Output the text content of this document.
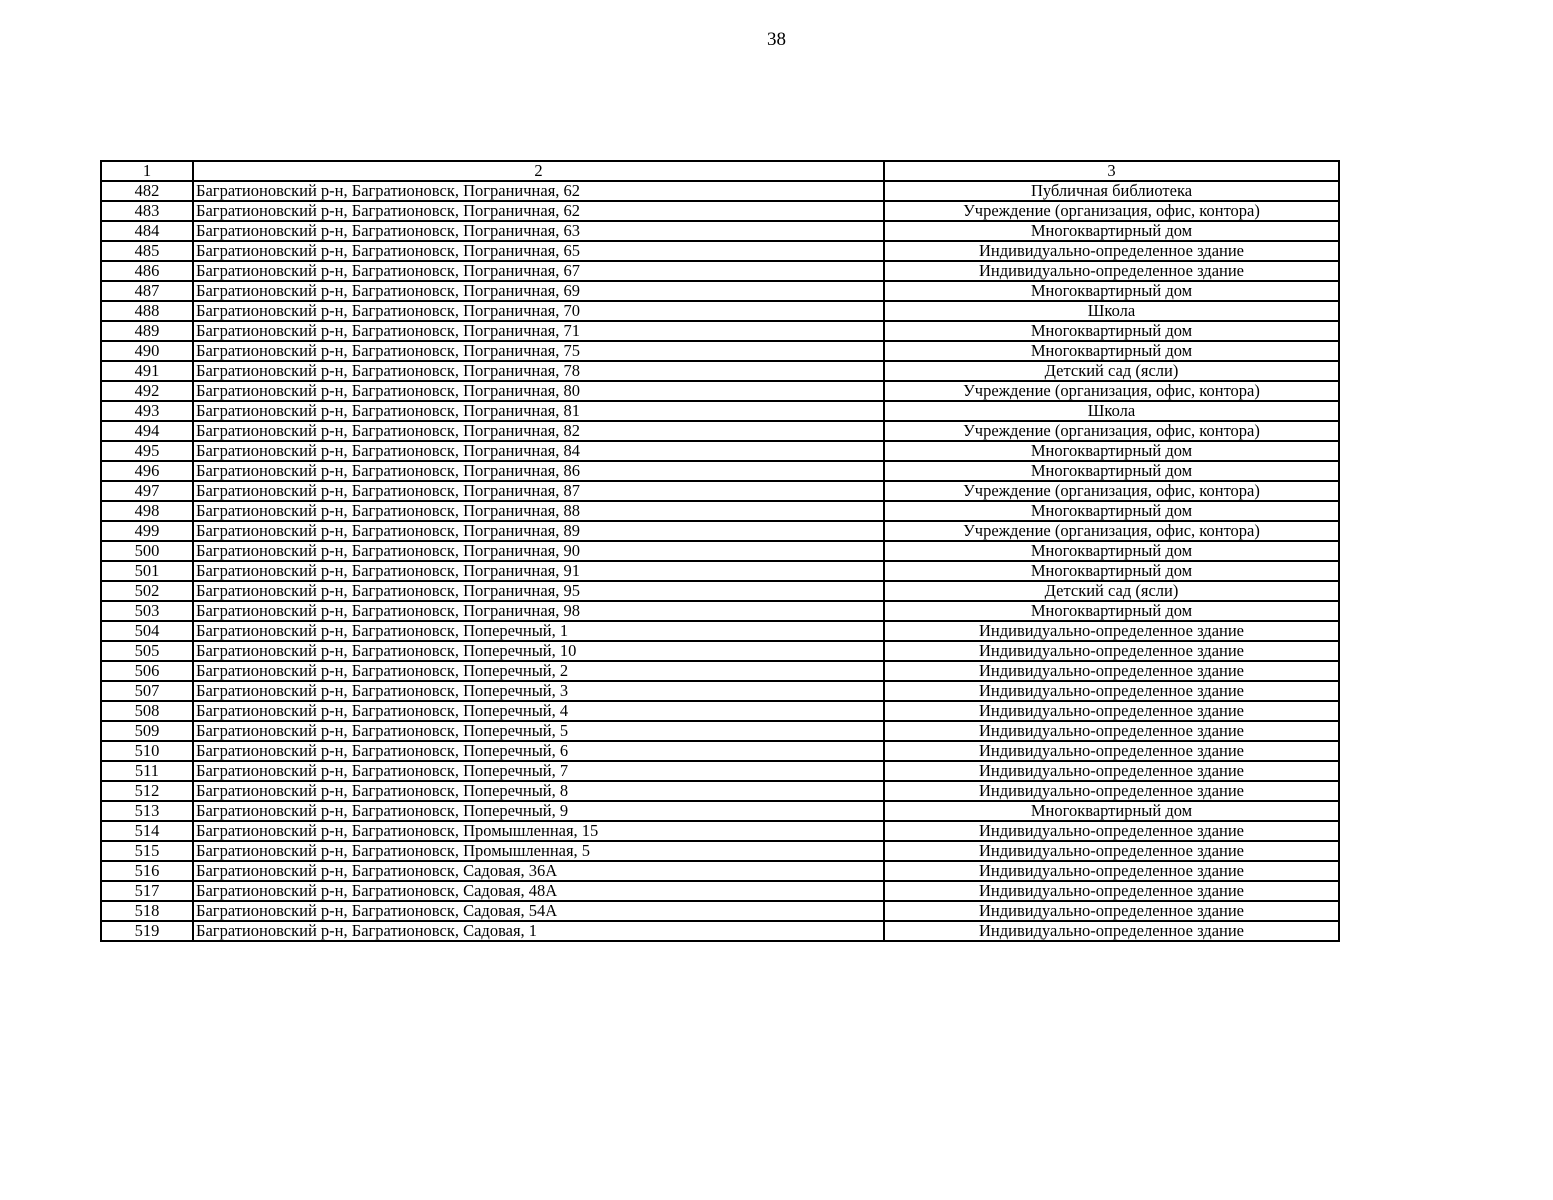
38
1	2	3
482	Багратионовский р-н, Багратионовск, Пограничная, 62	Публичная библиотека
483	Багратионовский р-н, Багратионовск, Пограничная, 62	Учреждение (организация, офис, контора)
484	Багратионовский р-н, Багратионовск, Пограничная, 63	Многоквартирный дом
485	Багратионовский р-н, Багратионовск, Пограничная, 65	Индивидуально-определенное здание
486	Багратионовский р-н, Багратионовск, Пограничная, 67	Индивидуально-определенное здание
487	Багратионовский р-н, Багратионовск, Пограничная, 69	Многоквартирный дом
488	Багратионовский р-н, Багратионовск, Пограничная, 70	Школа
489	Багратионовский р-н, Багратионовск, Пограничная, 71	Многоквартирный дом
490	Багратионовский р-н, Багратионовск, Пограничная, 75	Многоквартирный дом
491	Багратионовский р-н, Багратионовск, Пограничная, 78	Детский сад (ясли)
492	Багратионовский р-н, Багратионовск, Пограничная, 80	Учреждение (организация, офис, контора)
493	Багратионовский р-н, Багратионовск, Пограничная, 81	Школа
494	Багратионовский р-н, Багратионовск, Пограничная, 82	Учреждение (организация, офис, контора)
495	Багратионовский р-н, Багратионовск, Пограничная, 84	Многоквартирный дом
496	Багратионовский р-н, Багратионовск, Пограничная, 86	Многоквартирный дом
497	Багратионовский р-н, Багратионовск, Пограничная, 87	Учреждение (организация, офис, контора)
498	Багратионовский р-н, Багратионовск, Пограничная, 88	Многоквартирный дом
499	Багратионовский р-н, Багратионовск, Пограничная, 89	Учреждение (организация, офис, контора)
500	Багратионовский р-н, Багратионовск, Пограничная, 90	Многоквартирный дом
501	Багратионовский р-н, Багратионовск, Пограничная, 91	Многоквартирный дом
502	Багратионовский р-н, Багратионовск, Пограничная, 95	Детский сад (ясли)
503	Багратионовский р-н, Багратионовск, Пограничная, 98	Многоквартирный дом
504	Багратионовский р-н, Багратионовск, Поперечный, 1	Индивидуально-определенное здание
505	Багратионовский р-н, Багратионовск, Поперечный, 10	Индивидуально-определенное здание
506	Багратионовский р-н, Багратионовск, Поперечный, 2	Индивидуально-определенное здание
507	Багратионовский р-н, Багратионовск, Поперечный, 3	Индивидуально-определенное здание
508	Багратионовский р-н, Багратионовск, Поперечный, 4	Индивидуально-определенное здание
509	Багратионовский р-н, Багратионовск, Поперечный, 5	Индивидуально-определенное здание
510	Багратионовский р-н, Багратионовск, Поперечный, 6	Индивидуально-определенное здание
511	Багратионовский р-н, Багратионовск, Поперечный, 7	Индивидуально-определенное здание
512	Багратионовский р-н, Багратионовск, Поперечный, 8	Индивидуально-определенное здание
513	Багратионовский р-н, Багратионовск, Поперечный, 9	Многоквартирный дом
514	Багратионовский р-н, Багратионовск, Промышленная, 15	Индивидуально-определенное здание
515	Багратионовский р-н, Багратионовск, Промышленная, 5	Индивидуально-определенное здание
516	Багратионовский р-н, Багратионовск, Садовая, 36А	Индивидуально-определенное здание
517	Багратионовский р-н, Багратионовск, Садовая, 48А	Индивидуально-определенное здание
518	Багратионовский р-н, Багратионовск, Садовая, 54А	Индивидуально-определенное здание
519	Багратионовский р-н, Багратионовск, Садовая, 1	Индивидуально-определенное здание
